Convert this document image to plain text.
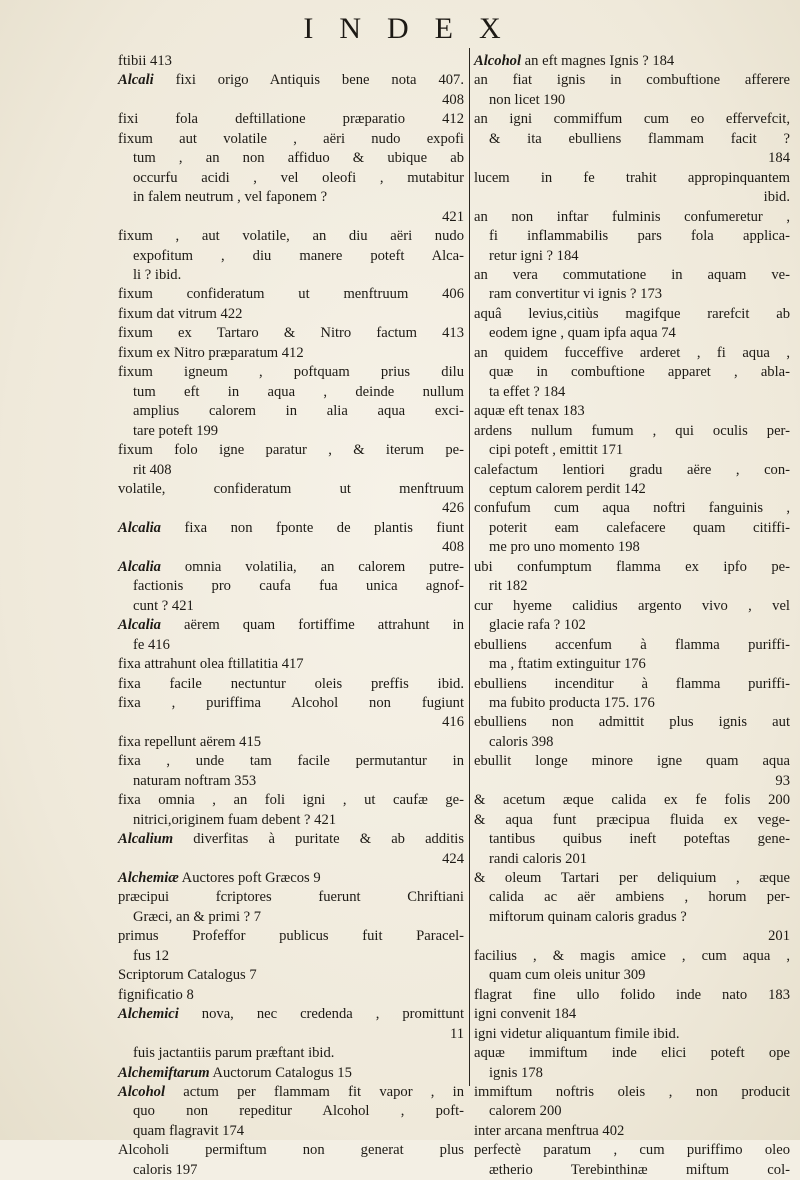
INDEX
ftibii 413
Alcali fixi origo Antiquis bene nota 407.
408
fixi fola deftillatione præparatio 412
fixum aut volatile , aëri nudo expofi
tum , an non affiduo & ubique ab
occurfu acidi , vel oleofi , mutabitur
in falem neutrum , vel faponem ?
421
fixum , aut volatile, an diu aëri nudo
expofitum , diu manere poteft Alca-
li ? ibid.
fixum confideratum ut menftruum 406
fixum dat vitrum 422
fixum ex Tartaro & Nitro factum 413
fixum ex Nitro præparatum 412
fixum igneum , poftquam prius dilu
tum eft in aqua , deinde nullum
amplius calorem in alia aqua exci-
tare poteft 199
fixum folo igne paratur , & iterum pe-
rit 408
volatile, confideratum ut menftruum
426
Alcalia fixa non fponte de plantis fiunt
408
Alcalia omnia volatilia, an calorem putre-
factionis pro caufa fua unica agnof-
cunt ? 421
Alcalia aërem quam fortiffime attrahunt in
fe 416
fixa attrahunt olea ftillatitia 417
fixa facile nectuntur oleis preffis ibid.
fixa , puriffima Alcohol non fugiunt
416
fixa repellunt aërem 415
fixa , unde tam facile permutantur in
naturam noftram 353
fixa omnia , an foli igni , ut caufæ ge-
nitrici,originem fuam debent ? 421
Alcalium diverfitas à puritate & ab additis
424
Alchemiæ Auctores poft Græcos 9
præcipui fcriptores fuerunt Chriftiani
Græci, an & primi ? 7
primus Profeffor publicus fuit Paracel-
fus 12
Scriptorum Catalogus 7
fignificatio 8
Alchemici nova, nec credenda , promittunt
11
fuis jactantiis parum præftant ibid.
Alchemiftarum Auctorum Catalogus 15
Alcohol actum per flammam fit vapor , in
quo non repeditur Alcohol , poft-
quam flagravit 174
Alcoholi permiftum non generat plus
caloris 197
Alcohol an eft magnes Ignis ? 184
an fiat ignis in combuftione afferere
non licet 190
an igni commiffum cum eo effervefcit,
& ita ebulliens flammam facit ?
184
lucem in fe trahit appropinquantem
ibid.
an non inftar fulminis confumeretur ,
fi inflammabilis pars fola applica-
retur igni ? 184
an vera commutatione in aquam ve-
ram convertitur vi ignis ? 173
aquâ levius,citiùs magifque rarefcit ab
eodem igne , quam ipfa aqua 74
an quidem fucceffive arderet , fi aqua ,
quæ in combuftione apparet , abla-
ta effet ? 184
aquæ eft tenax 183
ardens nullum fumum , qui oculis per-
cipi poteft , emittit 171
calefactum lentiori gradu aëre , con-
ceptum calorem perdit 142
confufum cum aqua noftri fanguinis ,
poterit eam calefacere quam citiffi-
me pro uno momento 198
ubi confumptum flamma ex ipfo pe-
rit 182
cur hyeme calidius argento vivo , vel
glacie rafa ? 102
ebulliens accenfum à flamma puriffi-
ma , ftatim extinguitur 176
ebulliens incenditur à flamma puriffi-
ma fubito producta 175. 176
ebulliens non admittit plus ignis aut
caloris 398
ebullit longe minore igne quam aqua
93
& acetum æque calida ex fe folis 200
& aqua funt præcipua fluida ex vege-
tantibus quibus ineft poteftas gene-
randi caloris 201
& oleum Tartari per deliquium , æque
calida ac aër ambiens , horum per-
miftorum quinam caloris gradus ?
201
facilius , & magis amice , cum aqua ,
quam cum oleis unitur 309
flagrat fine ullo folido inde nato 183
igni convenit 184
igni videtur aliquantum fimile ibid.
aquæ immiftum inde elici poteft ope
ignis 178
immiftum noftris oleis , non producit
calorem 200
inter arcana menftrua 402
perfectè paratum , cum puriffimo oleo
ætherio Terebinthinæ miftum col-
